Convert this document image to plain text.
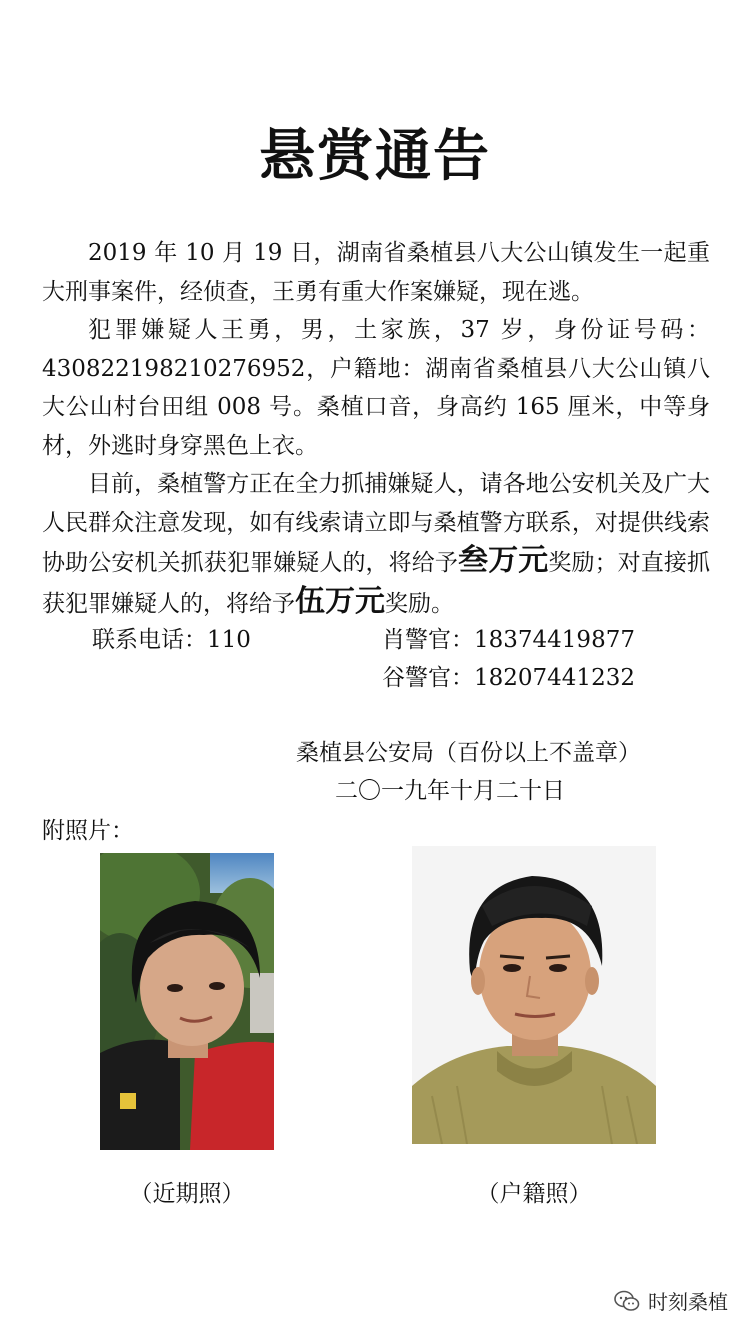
悬赏通告

2019 年 10 月 19 日，湖南省桑植县八大公山镇发生一起重大刑事案件，经侦查，王勇有重大作案嫌疑，现在逃。

犯罪嫌疑人王勇，男，土家族，37 岁，身份证号码：430822198210276952，户籍地：湖南省桑植县八大公山镇八大公山村台田组 008 号。桑植口音，身高约 165 厘米，中等身材，外逃时身穿黑色上衣。

目前，桑植警方正在全力抓捕嫌疑人，请各地公安机关及广大人民群众注意发现，如有线索请立即与桑植警方联系，对提供线索协助公安机关抓获犯罪嫌疑人的，将给予叁万元奖励；对直接抓获犯罪嫌疑人的，将给予伍万元奖励。

联系电话：110	肖警官：18374419877
谷警官：18207441232
桑植县公安局（百份以上不盖章）
二〇一九年十月二十日
附照片：
（近期照）	（户籍照）
时刻桑植
